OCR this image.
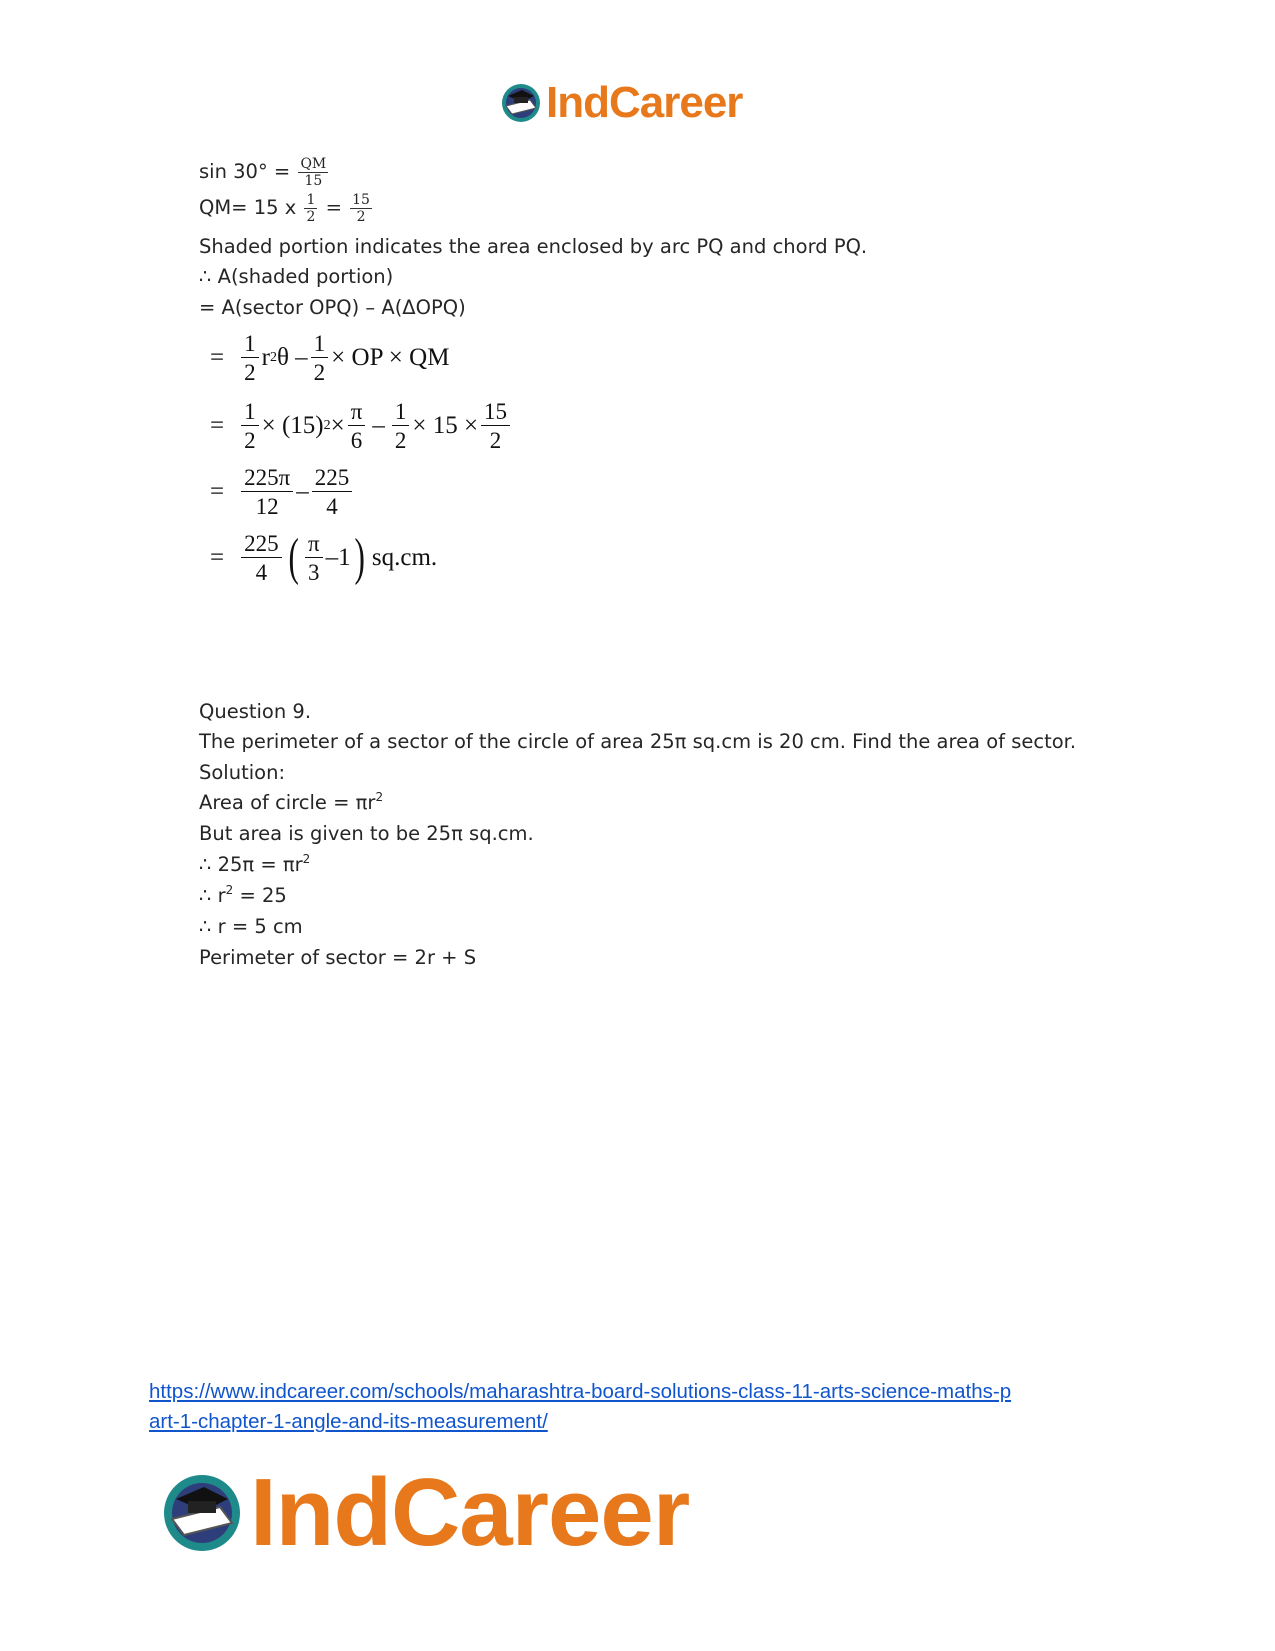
IndCareer
$\sin 30^\circ = \frac{QM}{15}$
QM= 15 x $\frac{1}{2} = \frac{15}{2}$
Shaded portion indicates the area enclosed by arc PQ and chord PQ.
∴ A(shaded portion)
= A(sector OPQ) – A(ΔOPQ)
= $\frac{1}{2}$ r 2 θ – $\frac{1}{2}$ × OP × QM
= $\frac{1}{2} \times (15) 2 \times \frac{\pi}{6} - \frac{1}{2} \times 15 \times \frac{15}{2}$
= $\frac{225\pi}{12} - \frac{225}{4}$
= $\frac{225}{4}$ ( $\frac{\pi}{3} -1$ ) sq.cm.
Question 9.
The perimeter of a sector of the circle of area 25π sq.cm is 20 cm. Find the area of sector.
Solution:
Area of circle = $\pi r^2$
But area is given to be 25π sq.cm.
∴ $25\pi = \pi r^2$
∴ $r^2 = 25$
∴ r = 5 cm
Perimeter of sector = 2r + S
https://www.indcareer.com/schools/maharashtra-board-solutions-class-11-arts-science-maths-p
art-1-chapter-1-angle-and-its-measurement/
IndCareer
